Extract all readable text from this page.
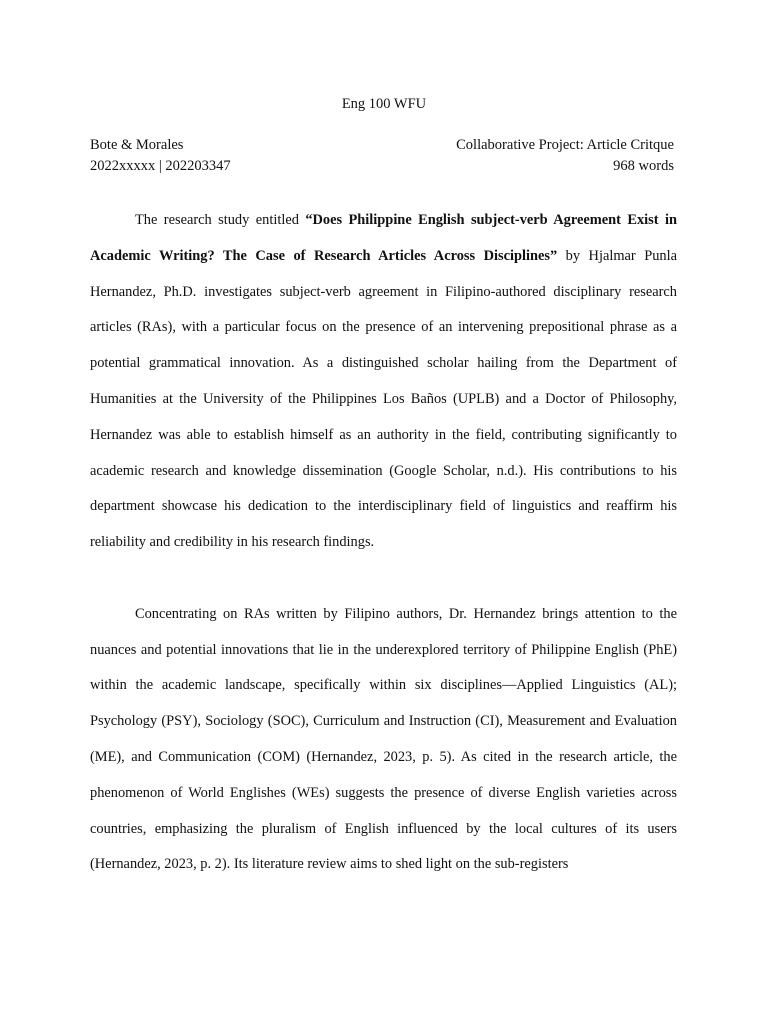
Eng 100 WFU
Bote & Morales
2022xxxxx | 202203347
Collaborative Project: Article Critque
968 words

The research study entitled “Does Philippine English subject-verb Agreement Exist in Academic Writing? The Case of Research Articles Across Disciplines” by Hjalmar Punla Hernandez, Ph.D. investigates subject-verb agreement in Filipino-authored disciplinary research articles (RAs), with a particular focus on the presence of an intervening prepositional phrase as a potential grammatical innovation. As a distinguished scholar hailing from the Department of Humanities at the University of the Philippines Los Baños (UPLB) and a Doctor of Philosophy, Hernandez was able to establish himself as an authority in the field, contributing significantly to academic research and knowledge dissemination (Google Scholar, n.d.). His contributions to his department showcase his dedication to the interdisciplinary field of linguistics and reaffirm his reliability and credibility in his research findings.

Concentrating on RAs written by Filipino authors, Dr. Hernandez brings attention to the nuances and potential innovations that lie in the underexplored territory of Philippine English (PhE) within the academic landscape, specifically within six disciplines—Applied Linguistics (AL); Psychology (PSY), Sociology (SOC), Curriculum and Instruction (CI), Measurement and Evaluation (ME), and Communication (COM) (Hernandez, 2023, p. 5). As cited in the research article, the phenomenon of World Englishes (WEs) suggests the presence of diverse English varieties across countries, emphasizing the pluralism of English influenced by the local cultures of its users (Hernandez, 2023, p. 2). Its literature review aims to shed light on the sub-registers
